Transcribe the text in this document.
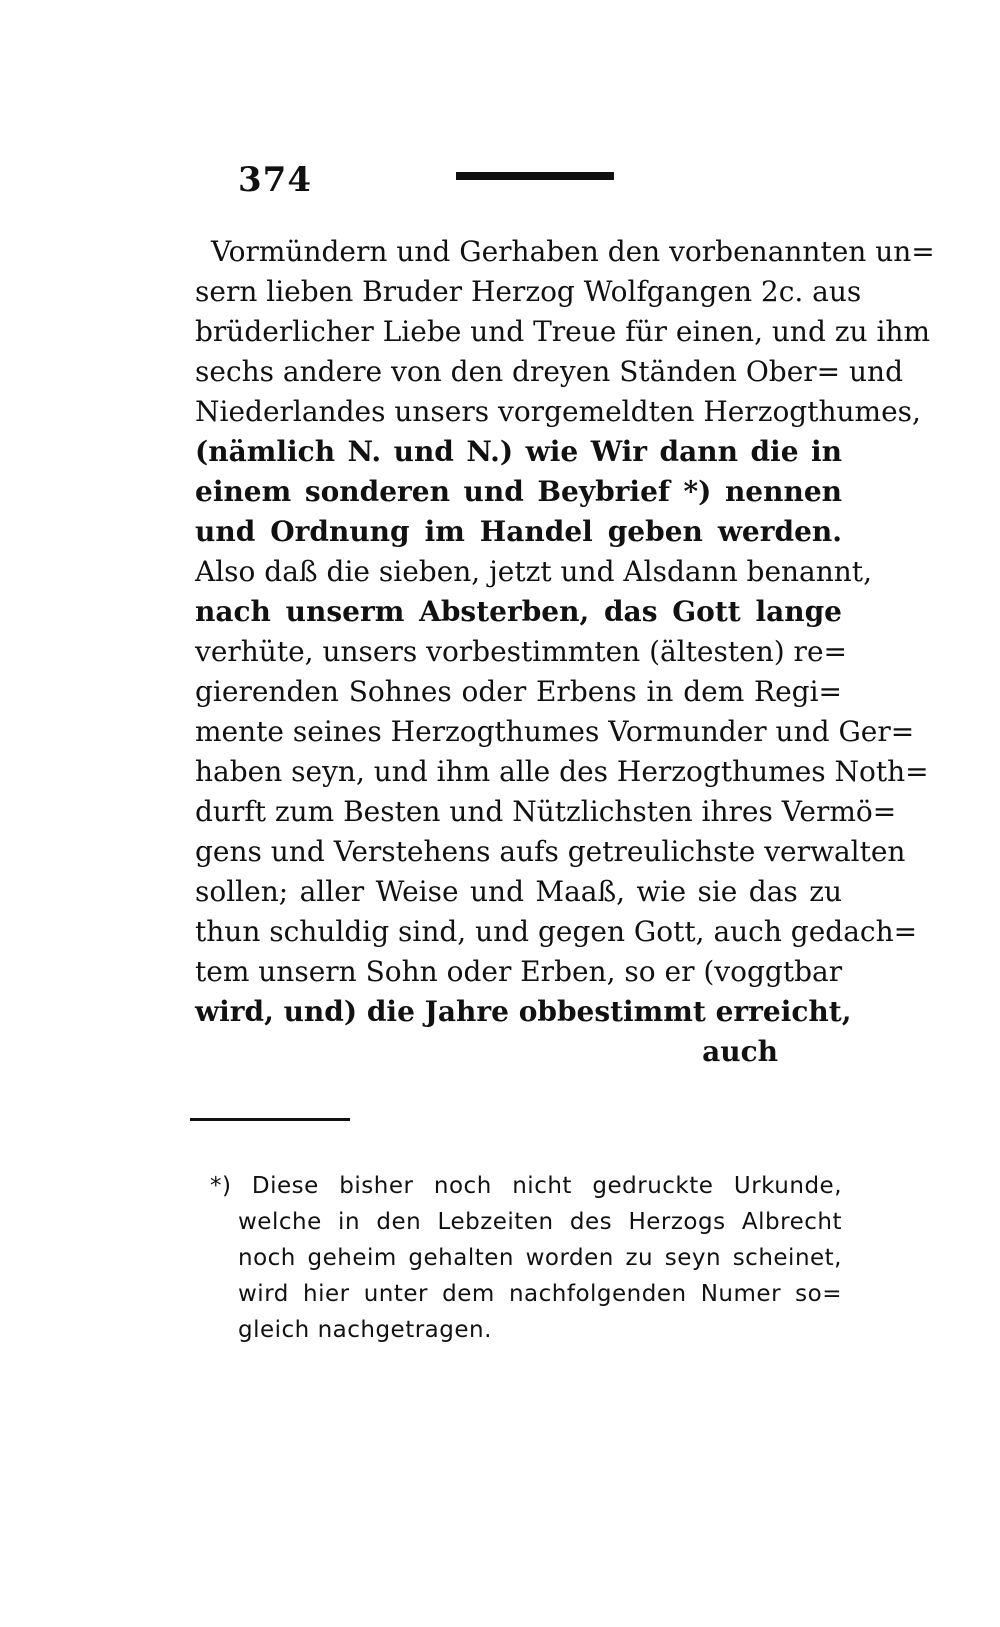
374
Vormündern und Gerhaben den vorbenannten un=
sern lieben Bruder Herzog Wolfgangen 2c. aus
brüderlicher Liebe und Treue für einen, und zu ihm
sechs andere von den dreyen Ständen Ober= und
Niederlandes unsers vorgemeldten Herzogthumes,
(nämlich N. und N.) wie Wir dann die in
einem sonderen und Beybrief *) nennen
und Ordnung im Handel geben werden.
Also daß die sieben, jetzt und Alsdann benannt,
nach unserm Absterben, das Gott lange
verhüte, unsers vorbestimmten (ältesten) re=
gierenden Sohnes oder Erbens in dem Regi=
mente seines Herzogthumes Vormunder und Ger=
haben seyn, und ihm alle des Herzogthumes Noth=
durft zum Besten und Nützlichsten ihres Vermö=
gens und Verstehens aufs getreulichste verwalten
sollen; aller Weise und Maaß, wie sie das zu
thun schuldig sind, und gegen Gott, auch gedach=
tem unsern Sohn oder Erben, so er (voggtbar
wird, und) die Jahre obbestimmt erreicht,
auch
*) Diese bisher noch nicht gedruckte Urkunde,
welche in den Lebzeiten des Herzogs Albrecht
noch geheim gehalten worden zu seyn scheinet,
wird hier unter dem nachfolgenden Numer so=
gleich nachgetragen.
